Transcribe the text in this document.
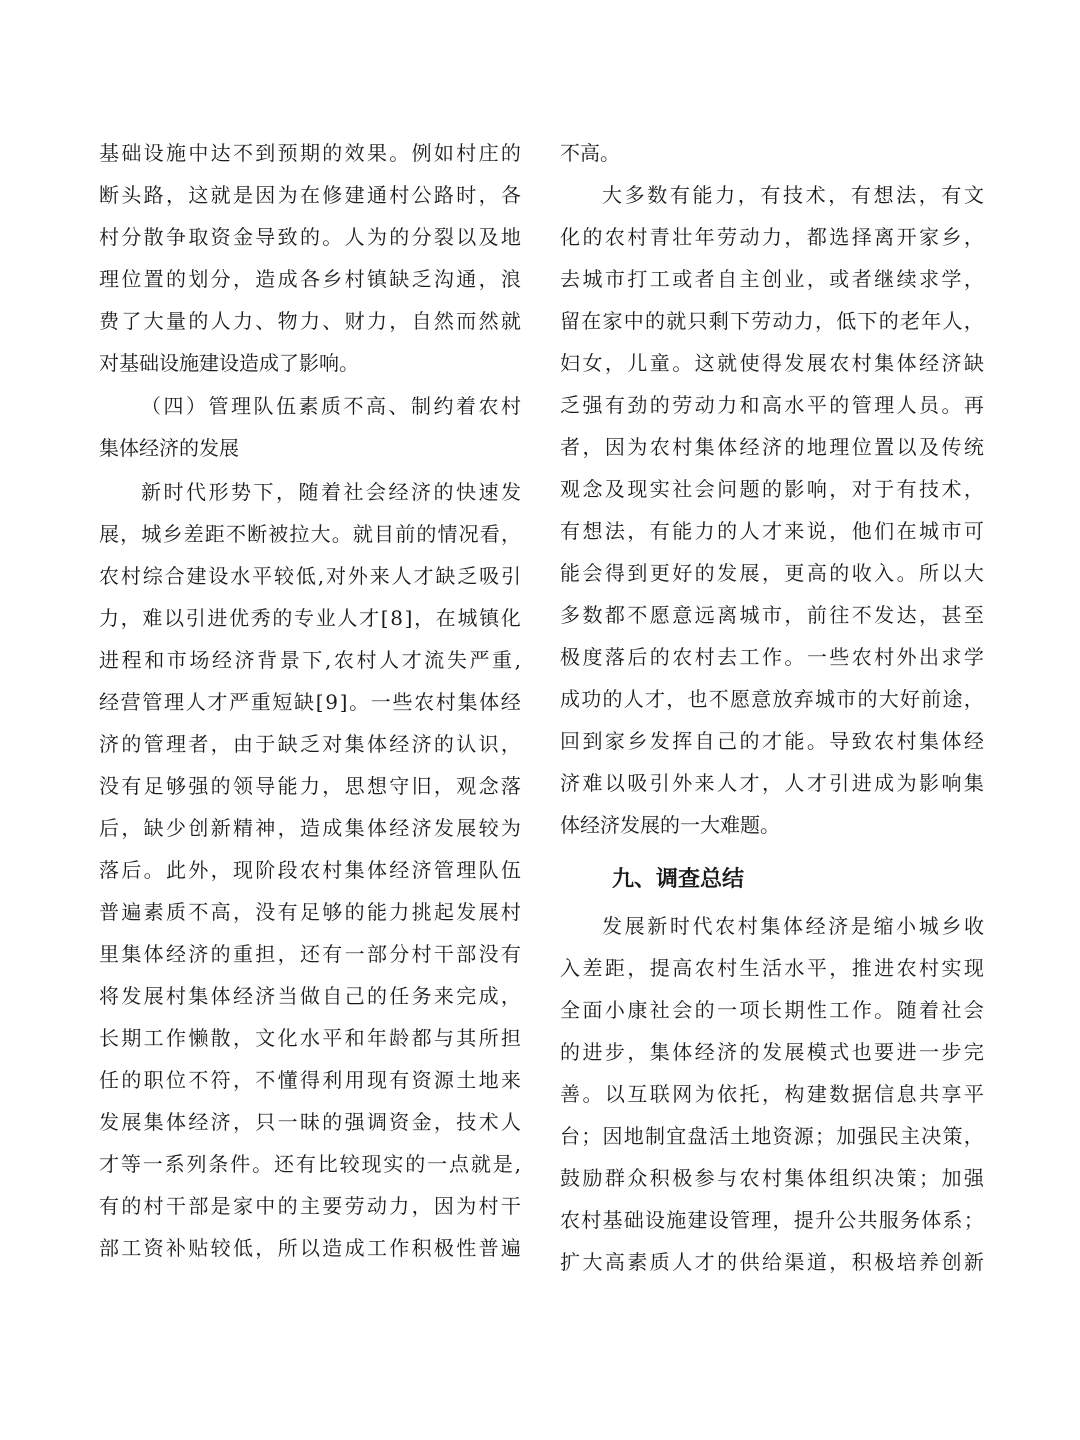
基 础 设 施 中 达 不 到 预 期 的 效 果 。 例 如 村 庄 的
断 头 路 ， 这 就 是 因 为 在 修 建 通 村 公 路 时 ， 各
村 分 散 争 取 资 金 导 致 的 。 人 为 的 分 裂 以 及 地
理 位 置 的 划 分 ， 造 成 各 乡 村 镇 缺 乏 沟 通 ， 浪
费 了 大 量 的 人 力 、 物 力 、 财 力 ， 自 然 而 然 就
对基础设施建设造成了影响。
（ 四 ） 管 理 队 伍 素 质 不 高 、 制 约 着 农 村
集体经济的发展
新 时 代 形 势 下 ， 随 着 社 会 经 济 的 快 速 发
展 ， 城 乡 差 距 不 断 被 拉 大 。 就 目 前 的 情 况 看 ，
农 村 综 合 建 设 水 平 较 低 , 对 外 来 人 才 缺 乏 吸 引
力 ， 难 以 引 进 优 秀 的 专 业 人 才 [ 8 ] ， 在 城 镇 化
进 程 和 市 场 经 济 背 景 下 , 农 村 人 才 流 失 严 重 ,
经 营 管 理 人 才 严 重 短 缺 [ 9 ] 。 一 些 农 村 集 体 经
济 的 管 理 者 ， 由 于 缺 乏 对 集 体 经 济 的 认 识 ，
没 有 足 够 强 的 领 导 能 力 ， 思 想 守 旧 ， 观 念 落
后 ， 缺 少 创 新 精 神 ， 造 成 集 体 经 济 发 展 较 为
落 后 。 此 外 ， 现 阶 段 农 村 集 体 经 济 管 理 队 伍
普 遍 素 质 不 高 ， 没 有 足 够 的 能 力 挑 起 发 展 村
里 集 体 经 济 的 重 担 ， 还 有 一 部 分 村 干 部 没 有
将 发 展 村 集 体 经 济 当 做 自 己 的 任 务 来 完 成 ，
长 期 工 作 懒 散 ， 文 化 水 平 和 年 龄 都 与 其 所 担
任 的 职 位 不 符 ， 不 懂 得 利 用 现 有 资 源 土 地 来
发 展 集 体 经 济 ， 只 一 昧 的 强 调 资 金 ， 技 术 人
才 等 一 系 列 条 件 。 还 有 比 较 现 实 的 一 点 就 是 ,
有 的 村 干 部 是 家 中 的 主 要 劳 动 力 ， 因 为 村 干
部 工 资 补 贴 较 低 ， 所 以 造 成 工 作 积 极 性 普 遍
不高。
大 多 数 有 能 力 ， 有 技 术 ， 有 想 法 ， 有 文
化 的 农 村 青 壮 年 劳 动 力 ， 都 选 择 离 开 家 乡 ，
去 城 市 打 工 或 者 自 主 创 业 ， 或 者 继 续 求 学 ，
留 在 家 中 的 就 只 剩 下 劳 动 力 ， 低 下 的 老 年 人 ，
妇 女 ， 儿 童 。 这 就 使 得 发 展 农 村 集 体 经 济 缺
乏 强 有 劲 的 劳 动 力 和 高 水 平 的 管 理 人 员 。 再
者 ， 因 为 农 村 集 体 经 济 的 地 理 位 置 以 及 传 统
观 念 及 现 实 社 会 问 题 的 影 响 ， 对 于 有 技 术 ，
有 想 法 ， 有 能 力 的 人 才 来 说 ， 他 们 在 城 市 可
能 会 得 到 更 好 的 发 展 ， 更 高 的 收 入 。 所 以 大
多 数 都 不 愿 意 远 离 城 市 ， 前 往 不 发 达 ， 甚 至
极 度 落 后 的 农 村 去 工 作 。 一 些 农 村 外 出 求 学
成 功 的 人 才 ， 也 不 愿 意 放 弃 城 市 的 大 好 前 途 ，
回 到 家 乡 发 挥 自 己 的 才 能 。 导 致 农 村 集 体 经
济 难 以 吸 引 外 来 人 才 ， 人 才 引 进 成 为 影 响 集
体经济发展的一大难题。
九、调查总结
发 展 新 时 代 农 村 集 体 经 济 是 缩 小 城 乡 收
入 差 距 ， 提 高 农 村 生 活 水 平 ， 推 进 农 村 实 现
全 面 小 康 社 会 的 一 项 长 期 性 工 作 。 随 着 社 会
的 进 步 ， 集 体 经 济 的 发 展 模 式 也 要 进 一 步 完
善 。 以 互 联 网 为 依 托 ， 构 建 数 据 信 息 共 享 平
台 ； 因 地 制 宜 盘 活 土 地 资 源 ； 加 强 民 主 决 策 ，
鼓 励 群 众 积 极 参 与 农 村 集 体 组 织 决 策 ； 加 强
农 村 基 础 设 施 建 设 管 理 ， 提 升 公 共 服 务 体 系 ；
扩 大 高 素 质 人 才 的 供 给 渠 道 ， 积 极 培 养 创 新
